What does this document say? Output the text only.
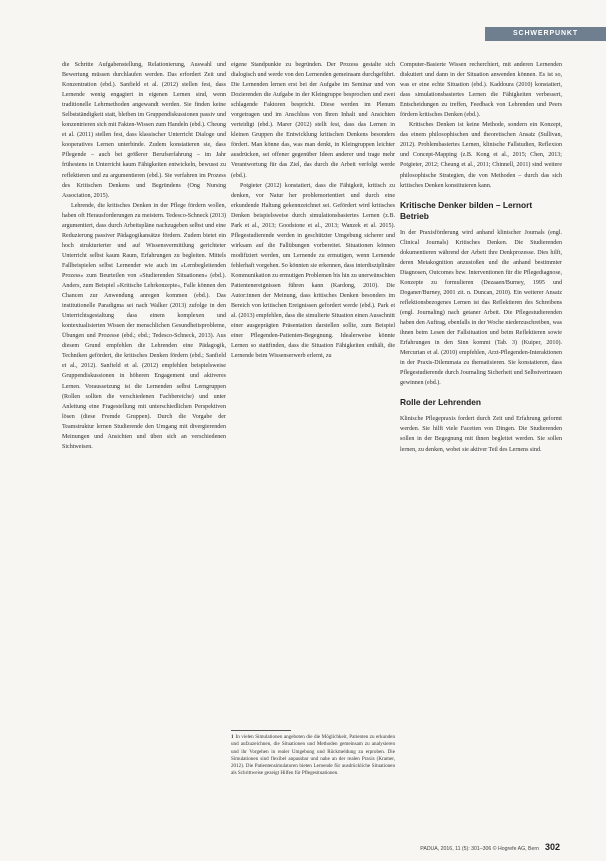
SCHWERPUNKT

die Schritte Aufgabenstellung, Relationierung, Auswahl und Bewertung müssen durchlaufen werden. Das erfordert Zeit und Konzentration (ebd.). Sanfield et al. (2012) stellen fest, dass Lernende wenig engagiert in eigenen Lernen sind, wenn traditionelle Lehrmethoden angewandt werden. Sie finden keine Selbstständigkeit statt, bleiben im Gruppendiskussionen passiv und konzentrieren sich mit Fakten-Wissen zum Handeln (ebd.). Cheung et al. (2011) stellen fest, dass klassischer Unterricht Dialoge und kooperatives Lernen unterbinde. Zudem konstatieren sie, dass Pflegende – auch bei größerer Berufserfahrung – im Jahr frühestens in Unterricht kaum Fähigkeiten entwickeln, bewusst zu reflektieren und zu argumentieren (ebd.). Sie verfahren im Prozess des Kritischen Denkens und Begründens (Ong Nursing Association, 2015).

Lehrende, die kritisches Denken in der Pflege fördern wollen, haben oft Herausforderungen zu meistern. Tedesco-Schneck (2013) argumentiert, dass durch Arbeitspläne nachzugeben selbst und eine Reduzierung passiver Pädagogikansätze fördern. Zudem bietet ein hoch strukturierter und auf Wissensvermittlung gerichteter Unterricht selbst kaum Raum, Erfahrungen zu begleiten. Mittels Fallbeispielen selbst Lernender wie auch im »Lernbegleitenden Prozess« zum Beurteilen von »Studierenden Situationen« (ebd.). Anders, zum Beispiel »Kritische Lehrkonzepte«, Falle können den Chancen zur Anwendung anregen kommen (ebd.). Das institutionelle Paradigma sei nach Walker (2013) zufolge in den Unterrichtsgestaltung dass einem komplexen und kontextualisierten Wissen der menschlichen Gesundheitsprobleme, Übungen und Prozesse (ebd.; ebd.; Tedesco-Schneck, 2013). Aus diesem Grund empfehlen die Lehrenden eine Pädagogik, Techniken gefördert, die kritisches Denken fördern (ebd.; Sanfield et al., 2012). Sanfield et al. (2012) empfehlen beispielsweise Gruppendiskussionen in höheren Engagement und aktiveres Lernen. Voraussetzung ist die Lernenden selbst Lerngruppen (Rollen sollten die verschiedenen Fachbereiche) und unter Anleitung eine Fragestellung mit unterschiedlichen Perspektiven lösen (diese Fremde Gruppen). Durch die Vorgabe der Teamstruktur lernen Studierende den Umgang mit divergierenden Meinungen und Ansichten und üben sich an verschiedenen Sichtweisen.

eigene Standpunkte zu begründen. Der Prozess gestalte sich dialogisch und werde von den Lernenden gemeinsam durchgeführt. Die Lernenden lernen erst bei der Aufgabe im Seminar und von Dozierenden die Aufgabe in der Kleingruppe besprochen und zwei schlagende Faktoren bespricht. Diese werden im Plenum vorgetragen und im Anschluss von Ihren Inhalt und Ansichten verteidigt (ebd.). Marer (2012) stellt fest, dass das Lernen in kleinen Gruppen die Entwicklung kritischen Denkens besonders fördert. Man könne das, was man denkt, in Kleingruppen leichter ausdrücken, sei offener gegenüber Ideen anderer und trage mehr Verantwortung für das Ziel, das durch die Arbeit verfolgt werde (ebd.).

Potgieter (2012) konstatiert, dass die Fähigkeit, kritisch zu denken, vor Natur her problemorientiert und durch eine erkundende Haltung gekennzeichnet sei. Gefördert wird kritisches Denken beispielsweise durch simulationsbasiertes Lernen (z.B. Park et al., 2013; Goodstone et al., 2013; Wanzek et al. 2015). Pflegestudierende werden in geschützter Umgebung sicherer und wirksam auf die Fallübungen vorbereitet. Situationen können modifiziert werden, um Lernende zu ermutigen, wenn Lernende fehlerhaft vorgehen. So könnten sie erkennen, dass interdisziplinäre Kommunikation zu ermutigen Problemen bis hin zu unerwünschten Patientenereignissen führen kann (Kardong, 2010). Die Autor:innen der Meinung, dass kritisches Denken besonders im Bereich von kritischen Ereignissen gefordert werde (ebd.). Park et al. (2013) empfehlen, dass die simulierte Situation einen Ausschnitt einer ausgeprägten Präsentation darstellen sollte, zum Beispiel einer Pflegenden-Patienten-Begegnung. Idealerweise könnte Lernen so stattfinden, dass die Situation Fähigkeiten enthält, die Lernende beim Wissenserwerb erlernt, zu

1 In vielen Simulationen angeboten die die Möglichkeit, Patienten zu erkunden und aufzuzeichnen, die Situationen und Methoden gemeinsam zu analysieren und ihr Vorgehen in realer Umgebung und Rückmeldung zu erproben. Die Simulationen sind flexibel anpassbar und nahe an der realen Praxis (Kramer, 2012). Die Patientensimulatoren bieten Lernende für ausdrückliche Situationen als Schrittweise gezeigt Hilfen für Pflegesituationen.

Computer-Basierte Wissen recherchiert, mit anderen Lernenden diskutiert und dann in der Situation anwenden können. Es ist so, was er eine echte Situation (ebd.). Kaddoura (2010) konstatiert, dass simulationsbasiertes Lernen die Fähigkeiten verbessert, Entscheidungen zu treffen, Feedback von Lehrenden und Peers fördern kritisches Denken (ebd.).

Kritisches Denken ist keine Methode, sondern ein Konzept, das einem philosophischen und theoretischen Ansatz (Sullivan, 2012). Problembasiertes Lernen, klinische Fallstudien, Reflexion und Concept-Mapping (z.B. Kong et al., 2015; Chen, 2013; Potgieter, 2012; Cheung et al., 2011; Chinnell, 2011) sind weitere philosophische Strategien, die von Methoden – durch das sich kritisches Denken konstituieren kann.

Kritische Denker bilden – Lernort Betrieb

In der Praxisförderung wird anhand klinischer Journals (engl. Clinical Journals) Kritisches Denken. Die Studierenden dokumentieren während der Arbeit ihre Denkprozesse. Dies hilft, deren Metakognition anzustoßen und die anhand bestimmter Diagnosen, Outcomes bzw. Interventionen für die Pflegediagnose, Konzepte zu formulieren (Dezaaen/Burney, 1995 und Doganer/Burney, 2001 zit. n. Duncan, 2010). Ein weiterer Ansatz reflektionsbezogenes Lernen ist das Reflektieren des Schreibens (engl. Journaling) nach getaner Arbeit. Die Pflegestudierenden haben den Auftrag, ebenfalls in der Woche niederzuschreiben, was ihnen beim Lesen der Fallsituation und beim Reflektieren sowie Erfahrungen in den Sinn kommt (Tab. 3) (Kuiper, 2010). Mercurian et al. (2010) empfehlen, Arzt-Pflegenden-Interaktionen in der Praxis-Dilemmata zu thematisieren. Sie konstatieren, dass Pflegestudierende durch Journaling Sicherheit und Selbstvertrauen gewinnen (ebd.).

Rolle der Lehrenden

Klinische Pflegepraxis fordert durch Zeit und Erfahrung geformt werden. Sie hilft viele Facetten von Dingen. Die Studierenden sollen in der Begegnung mit ihnen begleitet werden. Sie sollen lernen, zu denken, wobei sie aktiver Teil des Lernens sind.

PADUA, 2016, 11 (5): 301–306 © Hogrefe AG, Bern 302
